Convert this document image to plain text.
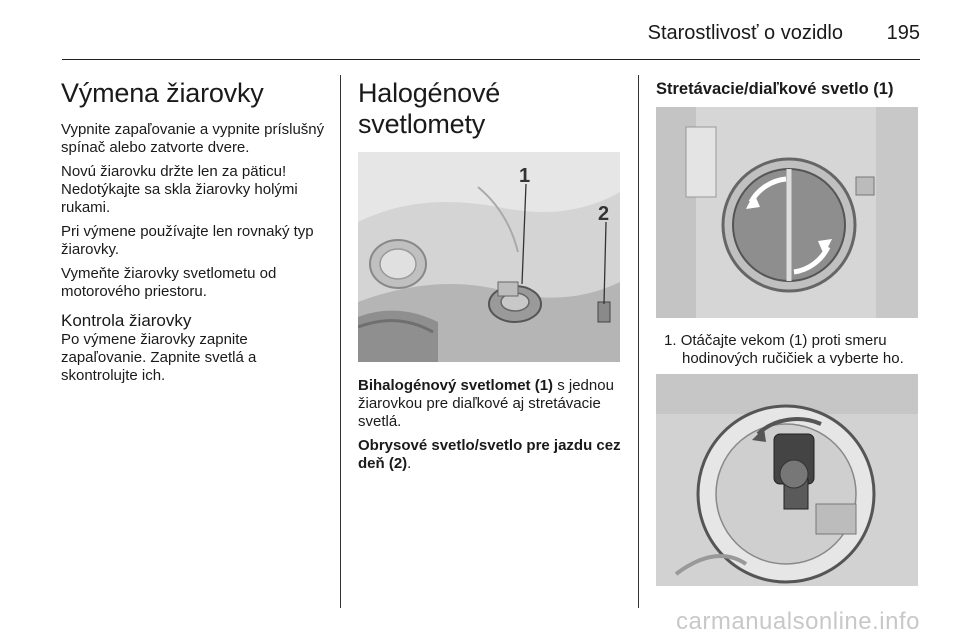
Starostlivosť o vozidlo 195
Výmena žiarovky

Vypnite zapaľovanie a vypnite príslušný spínač alebo zatvorte dvere.

Novú žiarovku držte len za päticu! Nedotýkajte sa skla žiarovky holými rukami.

Pri výmene používajte len rovnaký typ žiarovky.

Vymeňte žiarovky svetlometu od motorového priestoru.

Kontrola žiarovky

Po výmene žiarovky zapnite zapaľovanie. Zapnite svetlá a skontrolujte ich.

Halogénové svetlomety
1
2

Bihalogénový svetlomet (1) s jednou žiarovkou pre diaľkové aj stretávacie svetlá.

Obrysové svetlo/svetlo pre jazdu cez deň (2).

Stretávacie/diaľkové svetlo (1)
1. Otáčajte vekom (1) proti smeru hodinových ručičiek a vyberte ho.
carmanualsonline.info
